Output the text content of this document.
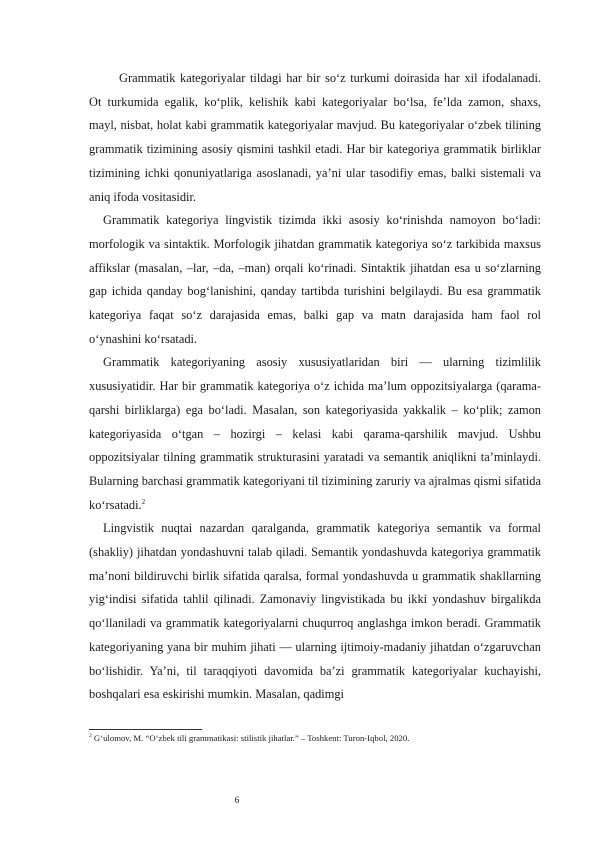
Grammatik kategoriyalar tildagi har bir so‘z turkumi doirasida har xil ifodalanadi. Ot turkumida egalik, ko‘plik, kelishik kabi kategoriyalar bo‘lsa, fe’lda zamon, shaxs, mayl, nisbat, holat kabi grammatik kategoriyalar mavjud. Bu kategoriyalar o‘zbek tilining grammatik tizimining asosiy qismini tashkil etadi. Har bir kategoriya grammatik birliklar tizimining ichki qonuniyatlariga asoslanadi, ya’ni ular tasodifiy emas, balki sistemali va aniq ifoda vositasidir.

Grammatik kategoriya lingvistik tizimda ikki asosiy ko‘rinishda namoyon bo‘ladi: morfologik va sintaktik. Morfologik jihatdan grammatik kategoriya so‘z tarkibida maxsus affikslar (masalan, –lar, –da, –man) orqali ko‘rinadi. Sintaktik jihatdan esa u so‘zlarning gap ichida qanday bog‘lanishini, qanday tartibda turishini belgilaydi. Bu esa grammatik kategoriya faqat so‘z darajasida emas, balki gap va matn darajasida ham faol rol o‘ynashini ko‘rsatadi.

Grammatik kategoriyaning asosiy xususiyatlaridan biri — ularning tizimlilik xususiyatidir. Har bir grammatik kategoriya o‘z ichida ma’lum oppozitsiyalarga (qarama-qarshi birliklarga) ega bo‘ladi. Masalan, son kategoriyasida yakkalik – ko‘plik; zamon kategoriyasida o‘tgan – hozirgi – kelasi kabi qarama-qarshilik mavjud. Ushbu oppozitsiyalar tilning grammatik strukturasini yaratadi va semantik aniqlikni ta’minlaydi. Bularning barchasi grammatik kategoriyani til tizimining zaruriy va ajralmas qismi sifatida ko‘rsatadi.$^2$

Lingvistik nuqtai nazardan qaralganda, grammatik kategoriya semantik va formal (shakliy) jihatdan yondashuvni talab qiladi. Semantik yondashuvda kategoriya grammatik ma’noni bildiruvchi birlik sifatida qaralsa, formal yondashuvda u grammatik shakllarning yig‘indisi sifatida tahlil qilinadi. Zamonaviy lingvistikada bu ikki yondashuv birgalikda qo‘llaniladi va grammatik kategoriyalarni chuqurroq anglashga imkon beradi. Grammatik kategoriyaning yana bir muhim jihati — ularning ijtimoiy-madaniy jihatdan o‘zgaruvchan bo‘lishidir. Ya’ni, til taraqqiyoti davomida ba’zi grammatik kategoriyalar kuchayishi, boshqalari esa eskirishi mumkin. Masalan, qadimgi

$^2$ G‘ulomov, M. “O‘zbek tili grammatikasi: stilistik jihatlar.” – Toshkent: Turon-Iqbol, 2020.
6
